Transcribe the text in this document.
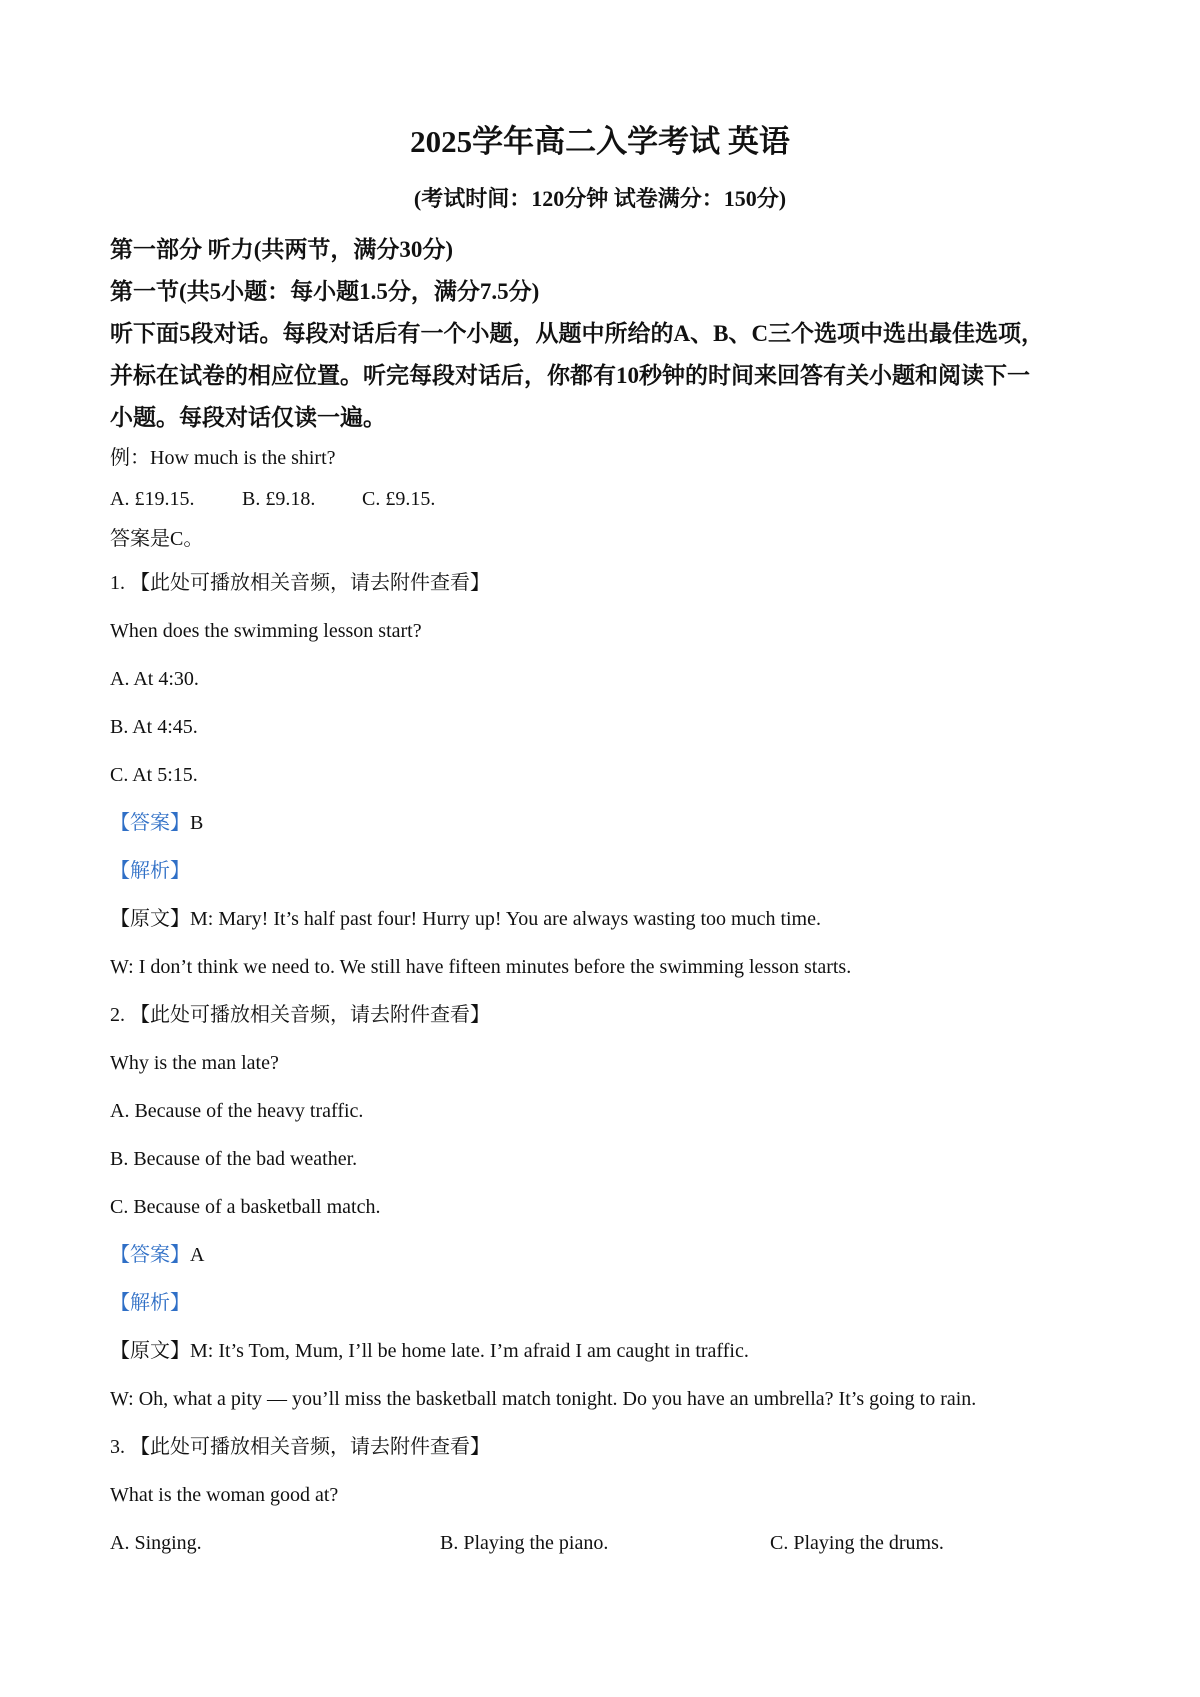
2025学年高二入学考试 英语
(考试时间：120分钟 试卷满分：150分)
第一部分 听力(共两节，满分30分)
第一节(共5小题：每小题1.5分，满分7.5分)
听下面5段对话。每段对话后有一个小题，从题中所给的A、B、C三个选项中选出最佳选项，
并标在试卷的相应位置。听完每段对话后，你都有10秒钟的时间来回答有关小题和阅读下一
小题。每段对话仅读一遍。
例：How much is the shirt?
A. £19.15. B. £9.18. C. £9.15.
答案是C。
1. 【此处可播放相关音频，请去附件查看】
When does the swimming lesson start?
A. At 4:30.
B. At 4:45.
C. At 5:15.
【答案】B
【解析】
【原文】M: Mary! It’s half past four! Hurry up! You are always wasting too much time.
W: I don’t think we need to. We still have fifteen minutes before the swimming lesson starts.
2. 【此处可播放相关音频，请去附件查看】
Why is the man late?
A. Because of the heavy traffic.
B. Because of the bad weather.
C. Because of a basketball match.
【答案】A
【解析】
【原文】M: It’s Tom, Mum, I’ll be home late. I’m afraid I am caught in traffic.
W: Oh, what a pity — you’ll miss the basketball match tonight. Do you have an umbrella? It’s going to rain.
3. 【此处可播放相关音频，请去附件查看】
What is the woman good at?
A. Singing.	B. Playing the piano.	C. Playing the drums.
